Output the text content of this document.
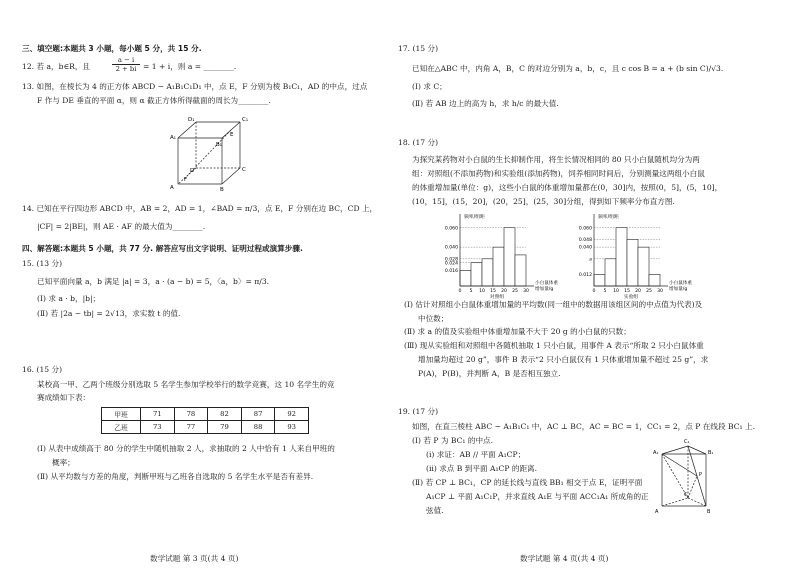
三、填空题:本题共 3 小题，每小题 5 分，共 15 分.
12. 若 a，b∈R，且
a − i
2 + bi = 1 + i，则 a = ________.
13. 如图，在棱长为 4 的正方体 ABCD − A₁B₁C₁D₁ 中，点 E，F 分别为棱 B₁C₁，AD 的中点，过点
F 作与 DE 垂直的平面 α，则 α 截正方体所得截面的周长为________.
D₁
A₁
C₁
E
B₁
D	C
F
A	B
14. 已知在平行四边形 ABCD 中，AB = 2，AD = 1，∠BAD = π/3，点 E，F 分别在边 BC，CD 上，
|CF| = 2|BE|，则 AE · AF 的最大值为________.
四、解答题:本题共 5 小题，共 77 分. 解答应写出文字说明、证明过程或演算步骤.
15. (13 分)
已知平面向量 a，b 满足 |a| = 3，a · (a − b) = 5，〈a，b〉= π/3.
(Ⅰ) 求 a · b，|b|；
(Ⅱ) 若 |2a − tb| = 2√13，求实数 t 的值.
16. (15 分)
某校高一甲、乙两个班级分别选取 5 名学生参加学校举行的数学竞赛，这 10 名学生的竞
赛成绩如下表：
甲班	71	78	82	87	92
乙班	73	77	79	88	93
(Ⅰ) 从表中成绩高于 80 分的学生中随机抽取 2 人，求抽取的 2 人中恰有 1 人来自甲班的
概率；
(Ⅱ) 从平均数与方差的角度，判断甲班与乙班各自选取的 5 名学生水平是否有差异.
数学试题 第 3 页(共 4 页)
17. (15 分)
已知在△ABC 中，内角 A，B，C 的对边分别为 a，b，c，且 c cos B = a + (b sin C)/√3.
(Ⅰ) 求 C；
(Ⅱ) 若 AB 边上的高为 h，求 h/c 的最大值.
18. (17 分)
为探究某药物对小白鼠的生长抑制作用，将生长情况相同的 80 只小白鼠随机均分为两
组：对照组(不添加药物)和实验组(添加药物)，饲养相同时间后，分别测量这两组小白鼠
的体重增加量(单位：g)，这些小白鼠的体重增加量都在(0，30]内，按照(0，5]，(5，10]，
(10，15]，(15，20]，(20，25]，(25，30]分组，得到如下频率分布直方图.
频率/组距
0.060
0.040
0.028
0.024
0.016
0 5 10 15 20 25 30
小白鼠体重
增加量/g
对照组
频率/组距
0.060
0.048
0.040
a
0.012
0 5 10 15 20 25 30
小白鼠体重
增加量/g
实验组
(Ⅰ) 估计对照组小白鼠体重增加量的平均数(同一组中的数据用该组区间的中点值为代表)及
中位数；
(Ⅱ) 求 a 的值及实验组中体重增加量不大于 20 g 的小白鼠的只数；
(Ⅲ) 现从实验组和对照组中各随机抽取 1 只小白鼠，用事件 A 表示“所取 2 只小白鼠体重
增加量均超过 20 g”，事件 B 表示“2 只小白鼠仅有 1 只体重增加量不超过 25 g”，求
P(A)，P(B)，并判断 A，B 是否相互独立.
19. (17 分)
如图，在直三棱柱 ABC − A₁B₁C₁ 中，AC ⊥ BC，AC = BC = 1，CC₁ = 2，点 P 在线段 BC₁ 上.
(Ⅰ) 若 P 为 BC₁ 的中点.
(ⅰ) 求证：AB // 平面 A₁CP；
(ⅱ) 求点 B 到平面 A₁CP 的距离.
(Ⅱ) 若 CP ⊥ BC₁，CP 的延长线与直线 BB₁ 相交于点 E，证明平面
A₁CP ⊥ 平面 A₁C₁P，并求直线 A₁E 与平面 ACC₁A₁ 所成角的正
弦值.
C₁
A₁	B₁
P
C
A	B
数学试题 第 4 页(共 4 页)
